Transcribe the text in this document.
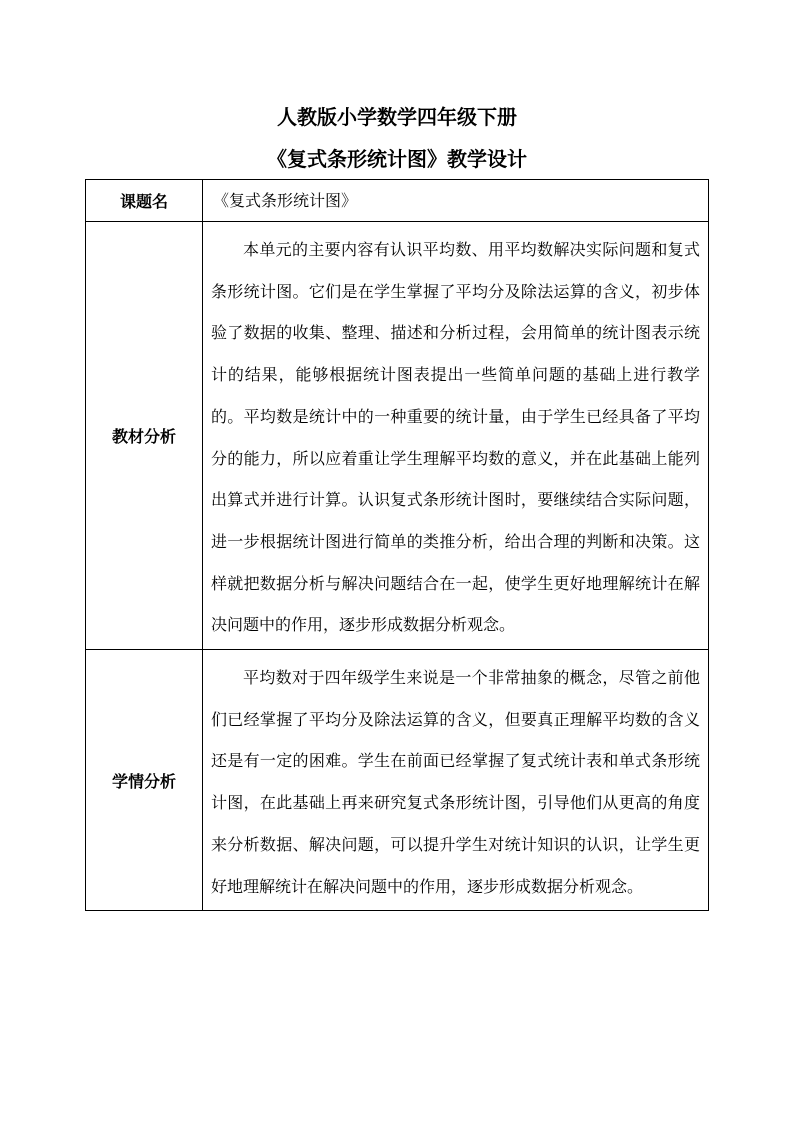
人教版小学数学四年级下册
《复式条形统计图》教学设计
课题名	《复式条形统计图》
教材分析	本单元的主要内容有认识平均数、用平均数解决实际问题和复式条形统计图。它们是在学生掌握了平均分及除法运算的含义，初步体验了数据的收集、整理、描述和分析过程，会用简单的统计图表示统计的结果，能够根据统计图表提出一些简单问题的基础上进行教学的。平均数是统计中的一种重要的统计量，由于学生已经具备了平均分的能力，所以应着重让学生理解平均数的意义，并在此基础上能列出算式并进行计算。认识复式条形统计图时，要继续结合实际问题，进一步根据统计图进行简单的类推分析，给出合理的判断和决策。这样就把数据分析与解决问题结合在一起，使学生更好地理解统计在解决问题中的作用，逐步形成数据分析观念。

学情分析	平均数对于四年级学生来说是一个非常抽象的概念，尽管之前他们已经掌握了平均分及除法运算的含义，但要真正理解平均数的含义还是有一定的困难。学生在前面已经掌握了复式统计表和单式条形统计图，在此基础上再来研究复式条形统计图，引导他们从更高的角度来分析数据、解决问题，可以提升学生对统计知识的认识，让学生更好地理解统计在解决问题中的作用，逐步形成数据分析观念。
